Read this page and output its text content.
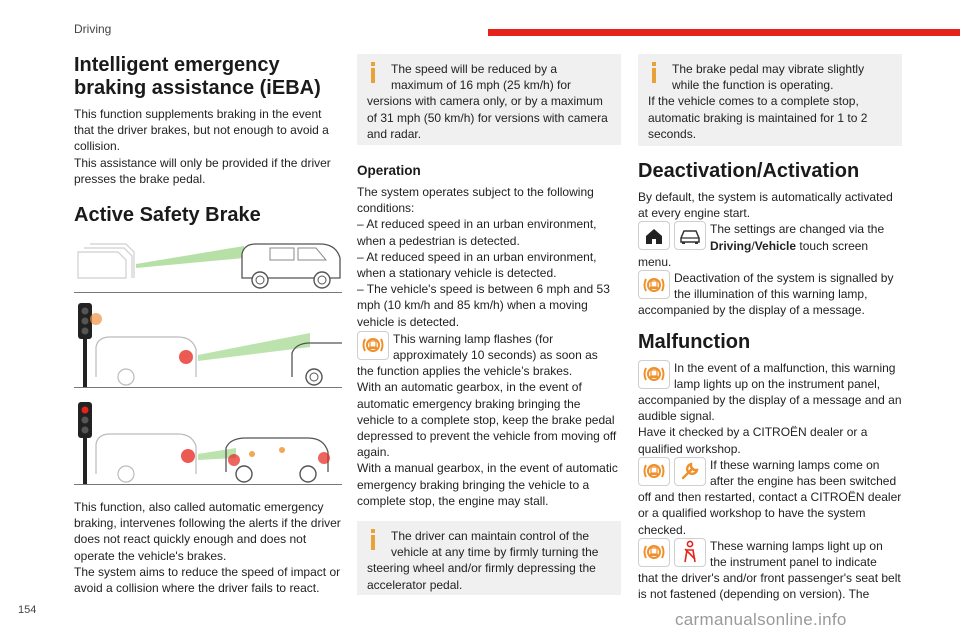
Driving
154	carmanualsonline.info
Intelligent emergency braking assistance (iEBA)
This function supplements braking in the event that the driver brakes, but not enough to avoid a collision.
This assistance will only be provided if the driver presses the brake pedal.
Active Safety Brake
This function, also called automatic emergency braking, intervenes following the alerts if the driver does not react quickly enough and does not operate the vehicle's brakes.
The system aims to reduce the speed of impact or avoid a collision where the driver fails to react.
The speed will be reduced by a maximum of 16 mph (25 km/h) for
versions with camera only, or by a maximum of 31 mph (50 km/h) for versions with camera and radar.
Operation
The system operates subject to the following conditions:
– At reduced speed in an urban environment, when a pedestrian is detected.
– At reduced speed in an urban environment, when a stationary vehicle is detected.
– The vehicle's speed is between 6 mph and 53 mph (10 km/h and 85 km/h) when a moving vehicle is detected.
This warning lamp flashes (for approximately 10 seconds) as soon as
the function applies the vehicle’s brakes.
With an automatic gearbox, in the event of automatic emergency braking bringing the vehicle to a complete stop, keep the brake pedal depressed to prevent the vehicle from moving off again.
With a manual gearbox, in the event of automatic emergency braking bringing the vehicle to a complete stop, the engine may stall.
The driver can maintain control of the vehicle at any time by firmly turning the
steering wheel and/or firmly depressing the accelerator pedal.
The brake pedal may vibrate slightly while the function is operating.
If the vehicle comes to a complete stop, automatic braking is maintained for 1 to 2 seconds.
Deactivation/Activation
By default, the system is automatically activated at every engine start.
The settings are changed via the Driving/Vehicle touch screen
menu.
Deactivation of the system is signalled by the illumination of this warning lamp,
accompanied by the display of a message.
Malfunction
In the event of a malfunction, this warning lamp lights up on the instrument panel,
accompanied by the display of a message and an audible signal.
Have it checked by a CITROËN dealer or a qualified workshop.
If these warning lamps come on after the engine has been switched
off and then restarted, contact a CITROËN dealer or a qualified workshop to have the system checked.
These warning lamps light up on the instrument panel to indicate
that the driver's and/or front passenger's seat belt is not fastened (depending on version). The
